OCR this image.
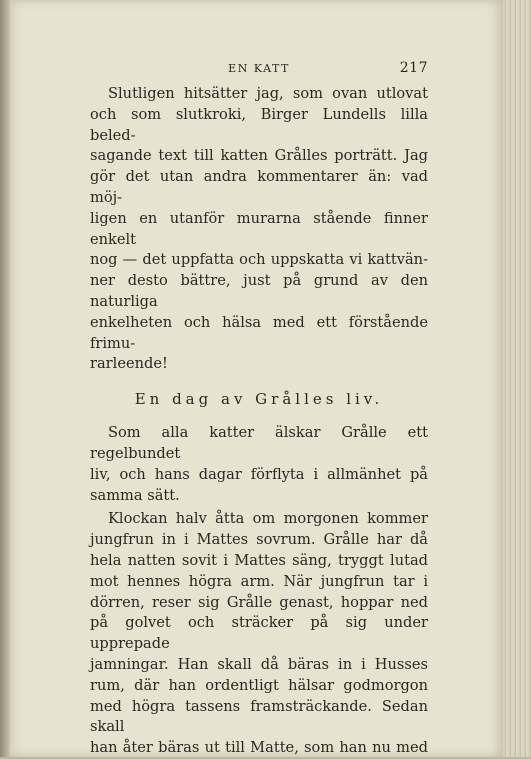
EN KATT	217

Slutligen hitsätter jag, som ovan utlovat
och som slutkroki, Birger Lundells lilla beled-
sagande text till katten Grålles porträtt. Jag
gör det utan andra kommentarer än: vad möj-
ligen en utanför murarna stående finner enkelt
nog — det uppfatta och uppskatta vi kattvän-
ner desto bättre, just på grund av den naturliga
enkelheten och hälsa med ett förstående frimu-
rarleende!

En dag av Grålles liv.

Som alla katter älskar Grålle ett regelbundet
liv, och hans dagar förflyta i allmänhet på
samma sätt.

Klockan halv åtta om morgonen kommer
jungfrun in i Mattes sovrum. Grålle har då
hela natten sovit i Mattes säng, tryggt lutad
mot hennes högra arm. När jungfrun tar i
dörren, reser sig Grålle genast, hoppar ned
på golvet och sträcker på sig under upprepade
jamningar. Han skall då bäras in i Husses
rum, där han ordentligt hälsar godmorgon
med högra tassens framsträckande. Sedan skall
han åter bäras ut till Matte, som han nu med
